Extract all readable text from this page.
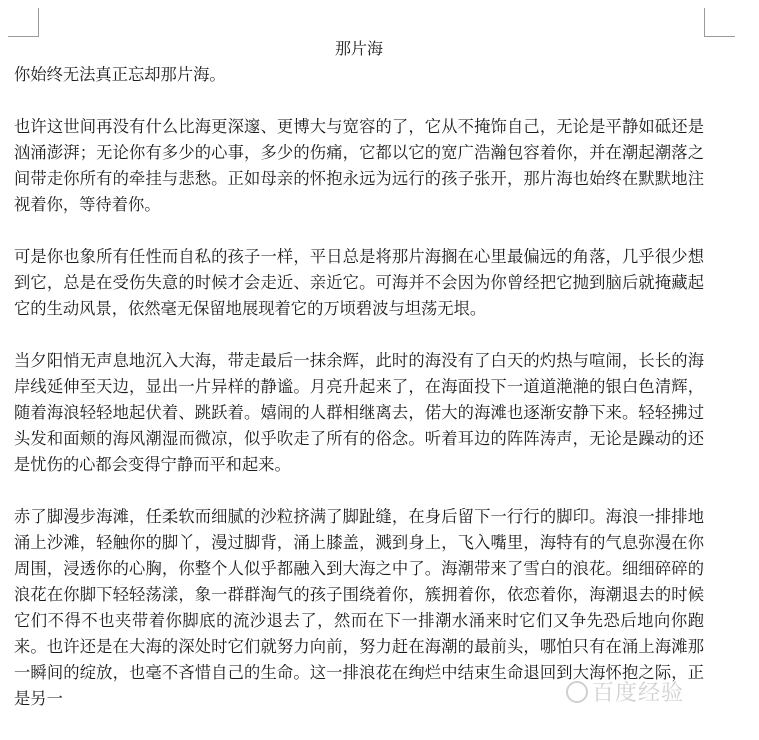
那片海

你始终无法真正忘却那片海。

也许这世间再没有什么比海更深邃、更博大与宽容的了，它从不掩饰自己，无论是平静如砥还是汹涌澎湃；无论你有多少的心事，多少的伤痛，它都以它的宽广浩瀚包容着你，并在潮起潮落之间带走你所有的牵挂与悲愁。正如母亲的怀抱永远为远行的孩子张开，那片海也始终在默默地注视着你，等待着你。

可是你也象所有任性而自私的孩子一样，平日总是将那片海搁在心里最偏远的角落，几乎很少想到它，总是在受伤失意的时候才会走近、亲近它。可海并不会因为你曾经把它抛到脑后就掩藏起它的生动风景，依然毫无保留地展现着它的万顷碧波与坦荡无垠。

当夕阳悄无声息地沉入大海，带走最后一抹余辉，此时的海没有了白天的灼热与喧闹，长长的海岸线延伸至天边，显出一片异样的静谧。月亮升起来了，在海面投下一道道滟滟的银白色清辉，随着海浪轻轻地起伏着、跳跃着。嬉闹的人群相继离去，偌大的海滩也逐渐安静下来。轻轻拂过头发和面颊的海风潮湿而微凉，似乎吹走了所有的俗念。听着耳边的阵阵涛声，无论是躁动的还是忧伤的心都会变得宁静而平和起来。

赤了脚漫步海滩，任柔软而细腻的沙粒挤满了脚趾缝，在身后留下一行行的脚印。海浪一排排地涌上沙滩，轻触你的脚丫，漫过脚背，涌上膝盖，溅到身上，飞入嘴里，海特有的气息弥漫在你周围，浸透你的心胸，你整个人似乎都融入到大海之中了。海潮带来了雪白的浪花。细细碎碎的浪花在你脚下轻轻荡漾，象一群群淘气的孩子围绕着你，簇拥着你，依恋着你，海潮退去的时候它们不得不也夹带着你脚底的流沙退去了，然而在下一排潮水涌来时它们又争先恐后地向你跑来。也许还是在大海的深处时它们就努力向前，努力赶在海潮的最前头，哪怕只有在涌上海滩那一瞬间的绽放，也毫不吝惜自己的生命。这一排浪花在绚烂中结束生命退回到大海怀抱之际，正是另一	百度经验
